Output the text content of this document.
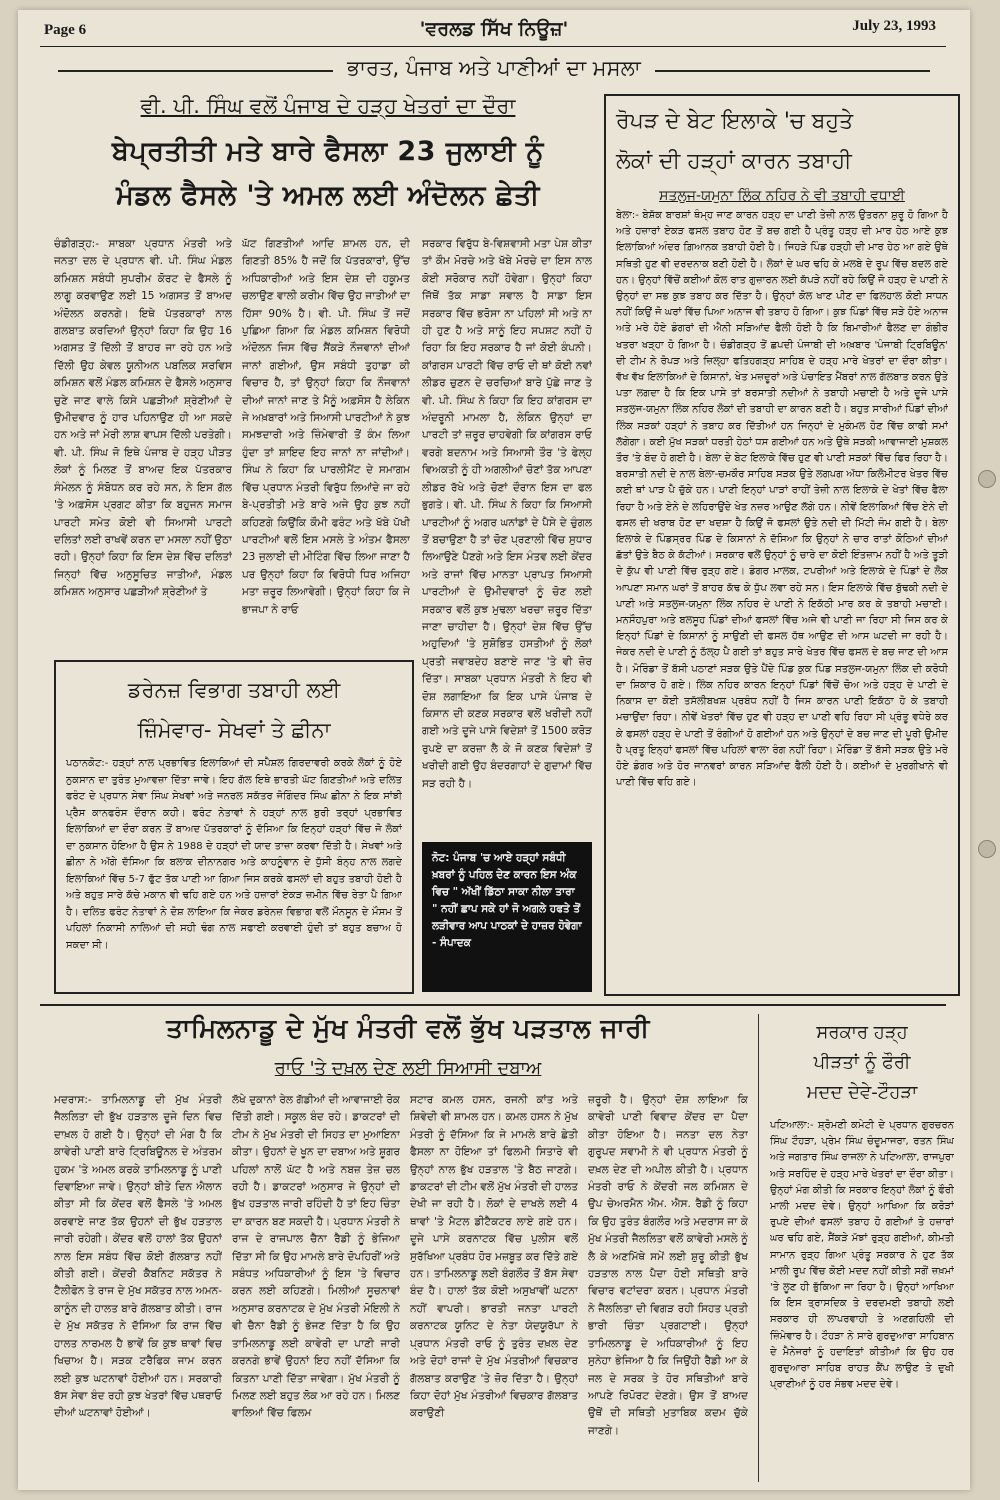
Page 6	'ਵਰਲਡ ਸਿੱਖ ਨਿਊਜ਼'	July 23, 1993
ਭਾਰਤ, ਪੰਜਾਬ ਅਤੇ ਪਾਣੀਆਂ ਦਾ ਮਸਲਾ
ਵੀ. ਪੀ. ਸਿੰਘ ਵਲੋਂ ਪੰਜਾਬ ਦੇ ਹੜ੍ਹ ਖੇਤਰਾਂ ਦਾ ਦੌਰਾ
ਬੇਪ੍ਰਤੀਤੀ ਮਤੇ ਬਾਰੇ ਫੈਸਲਾ 23 ਜੁਲਾਈ ਨੂੰ
ਮੰਡਲ ਫੈਸਲੇ 'ਤੇ ਅਮਲ ਲਈ ਅੰਦੋਲਨ ਛੇਤੀ
ਚੰਡੀਗੜ੍ਹ:- ਸਾਬਕਾ ਪ੍ਰਧਾਨ ਮੰਤਰੀ ਅਤੇ ਜਨਤਾ ਦਲ ਦੇ ਪ੍ਰਧਾਨ ਵੀ. ਪੀ. ਸਿੰਘ ਮੰਡਲ ਕਮਿਸ਼ਨ ਸਬੰਧੀ ਸੁਪਰੀਮ ਕੋਰਟ ਦੇ ਫੈਸਲੇ ਨੂੰ ਲਾਗੂ ਕਰਵਾਉਣ ਲਈ 15 ਅਗਸਤ ਤੋਂ ਬਾਅਦ ਅੰਦੋਲਨ ਕਰਨਗੇ। ਇਥੇ ਪੱਤਰਕਾਰਾਂ ਨਾਲ ਗਲਬਾਤ ਕਰਦਿਆਂ ਉਨ੍ਹਾਂ ਕਿਹਾ ਕਿ ਉਹ 16 ਅਗਸਤ ਤੋਂ ਦਿੱਲੀ ਤੋਂ ਬਾਹਰ ਜਾ ਰਹੇ ਹਨ ਅਤੇ ਦਿੱਲੀ ਉਹ ਕੇਵਲ ਯੂਨੀਅਨ ਪਬਲਿਕ ਸਰਵਿਸ ਕਮਿਸ਼ਨ ਵਲੋਂ ਮੰਡਲ ਕਮਿਸ਼ਨ ਦੇ ਫੈਸਲੇ ਅਨੁਸਾਰ ਚੁਣੇ ਜਾਣ ਵਾਲੇ ਕਿਸੇ ਪਛੜੀਆਂ ਸ਼੍ਰੇਣੀਆਂ ਦੇ ਉਮੀਦਵਾਰ ਨੂੰ ਹਾਰ ਪਹਿਨਾਉਣ ਹੀ ਆ ਸਕਦੇ ਹਨ ਅਤੇ ਜਾਂ ਮੇਰੀ ਲਾਸ਼ ਵਾਪਸ ਦਿੱਲੀ ਪਰਤੇਗੀ। ਵੀ. ਪੀ. ਸਿੰਘ ਜੋ ਇਥੇ ਪੰਜਾਬ ਦੇ ਹੜ੍ਹ ਪੀੜਤ ਲੋਕਾਂ ਨੂੰ ਮਿਲਣ ਤੋਂ ਬਾਅਦ ਇਕ ਪੱਤਰਕਾਰ ਸੰਮੇਲਨ ਨੂੰ ਸੰਬੋਧਨ ਕਰ ਰਹੇ ਸਨ, ਨੇ ਇਸ ਗੱਲ 'ਤੇ ਅਫ਼ਸੋਸ ਪ੍ਰਗਟ ਕੀਤਾ ਕਿ ਬਹੁਜਨ ਸਮਾਜ ਪਾਰਟੀ ਸਮੇਤ ਕੋਈ ਵੀ ਸਿਆਸੀ ਪਾਰਟੀ ਦਲਿਤਾਂ ਲਈ ਰਾਖਵੇਂ ਕਰਨ ਦਾ ਮਸਲਾ ਨਹੀਂ ਉਠਾ ਰਹੀ। ਉਨ੍ਹਾਂ ਕਿਹਾ ਕਿ ਇਸ ਦੇਸ਼ ਵਿੱਚ ਦਲਿਤਾਂ ਜਿਨ੍ਹਾਂ ਵਿੱਚ ਅਨੁਸੂਚਿਤ ਜਾਤੀਆਂ, ਮੰਡਲ ਕਮਿਸ਼ਨ ਅਨੁਸਾਰ ਪਛੜੀਆਂ ਸ਼੍ਰੇਣੀਆਂ ਤੇ
ਘੱਟ ਗਿਣਤੀਆਂ ਆਦਿ ਸ਼ਾਮਲ ਹਨ, ਦੀ ਗਿਣਤੀ 85% ਹੈ ਜਦੋਂ ਕਿ ਪੱਤਰਕਾਰਾਂ, ਉੱਚ ਅਧਿਕਾਰੀਆਂ ਅਤੇ ਇਸ ਦੇਸ਼ ਦੀ ਹਕੂਮਤ ਚਲਾਉਣ ਵਾਲੀ ਕਰੀਮ ਵਿੱਚ ਉਹ ਜਾਤੀਆਂ ਦਾ ਹਿੱਸਾ 90% ਹੈ। ਵੀ. ਪੀ. ਸਿੰਘ ਤੋਂ ਜਦੋਂ ਪੁਛਿਆ ਗਿਆ ਕਿ ਮੰਡਲ ਕਮਿਸ਼ਨ ਵਿਰੋਧੀ ਅੰਦੋਲਨ ਜਿਸ ਵਿੱਚ ਸੈਂਕੜੇ ਨੌਜਵਾਨਾਂ ਦੀਆਂ ਜਾਨਾਂ ਗਈਆਂ, ਉਸ ਸਬੰਧੀ ਤੁਹਾਡਾ ਕੀ ਵਿਚਾਰ ਹੈ, ਤਾਂ ਉਨ੍ਹਾਂ ਕਿਹਾ ਕਿ ਨੌਜਵਾਨਾਂ ਦੀਆਂ ਜਾਨਾਂ ਜਾਣ ਤੇ ਮੈਨੂੰ ਅਫ਼ਸੋਸ ਹੈ ਲੇਕਿਨ ਜੇ ਅਖ਼ਬਾਰਾਂ ਅਤੇ ਸਿਆਸੀ ਪਾਰਟੀਆਂ ਨੇ ਕੁਝ ਸਮਝਦਾਰੀ ਅਤੇ ਜ਼ਿੰਮੇਵਾਰੀ ਤੋਂ ਕੰਮ ਲਿਆ ਹੁੰਦਾ ਤਾਂ ਸ਼ਾਇਦ ਇਹ ਜਾਨਾਂ ਨਾ ਜਾਂਦੀਆਂ। ਸਿੰਘ ਨੇ ਕਿਹਾ ਕਿ ਪਾਰਲੀਮੈਂਟ ਦੇ ਸਮਾਗਮ ਵਿੱਚ ਪ੍ਰਧਾਨ ਮੰਤਰੀ ਵਿਰੁੱਧ ਲਿਆਂਦੇ ਜਾ ਰਹੇ ਬੇ-ਪ੍ਰਤੀਤੀ ਮਤੇ ਬਾਰੇ ਅਜੇ ਉਹ ਕੁਝ ਨਹੀਂ ਕਹਿਣਗੇ ਕਿਉਂਕਿ ਕੌਮੀ ਫਰੰਟ ਅਤੇ ਖੱਬੇ ਪੱਖੀ ਪਾਰਟੀਆਂ ਵਲੋਂ ਇਸ ਮਸਲੇ ਤੇ ਅੰਤਮ ਫੈਸਲਾ 23 ਜੁਲਾਈ ਦੀ ਮੀਟਿੰਗ ਵਿੱਚ ਲਿਆ ਜਾਣਾ ਹੈ ਪਰ ਉਨ੍ਹਾਂ ਕਿਹਾ ਕਿ ਵਿਰੋਧੀ ਧਿਰ ਅਜਿਹਾ ਮਤਾ ਜ਼ਰੂਰ ਲਿਆਵੇਗੀ। ਉਨ੍ਹਾਂ ਕਿਹਾ ਕਿ ਜੇ ਭਾਜਪਾ ਨੇ ਰਾਓ
ਸਰਕਾਰ ਵਿਰੁੱਧ ਬੇ-ਵਿਸ਼ਵਾਸੀ ਮਤਾ ਪੇਸ਼ ਕੀਤਾ ਤਾਂ ਕੌਮ ਮੋਰਚੇ ਅਤੇ ਖੱਬੇ ਮੋਰਚੇ ਦਾ ਇਸ ਨਾਲ ਕੋਈ ਸਰੋਕਾਰ ਨਹੀਂ ਹੋਵੇਗਾ। ਉਨ੍ਹਾਂ ਕਿਹਾ ਜਿੱਥੋਂ ਤੱਕ ਸਾਡਾ ਸਵਾਲ ਹੈ ਸਾਡਾ ਇਸ ਸਰਕਾਰ ਵਿੱਚ ਭਰੋਸਾ ਨਾ ਪਹਿਲਾਂ ਸੀ ਅਤੇ ਨਾ ਹੀ ਹੁਣ ਹੈ ਅਤੇ ਸਾਨੂੰ ਇਹ ਸਪਸ਼ਟ ਨਹੀਂ ਹੋ ਰਿਹਾ ਕਿ ਇਹ ਸਰਕਾਰ ਹੈ ਜਾਂ ਕੋਈ ਕੰਪਨੀ। ਕਾਂਗਰਸ ਪਾਰਟੀ ਵਿੱਚ ਰਾਓ ਦੀ ਥਾਂ ਕੋਈ ਨਵਾਂ ਲੀਡਰ ਚੁਣਨ ਦੇ ਚਰਚਿਆਂ ਬਾਰੇ ਪੁੱਛੇ ਜਾਣ ਤੇ ਵੀ. ਪੀ. ਸਿੰਘ ਨੇ ਕਿਹਾ ਕਿ ਇਹ ਕਾਂਗਰਸ ਦਾ ਅੰਦਰੂਨੀ ਮਾਮਲਾ ਹੈ, ਲੇਕਿਨ ਉਨ੍ਹਾਂ ਦਾ ਪਾਰਟੀ ਤਾਂ ਜ਼ਰੂਰ ਚਾਹਵੇਗੀ ਕਿ ਕਾਂਗਰਸ ਰਾਓ ਵਰਗੇ ਬਦਨਾਮ ਅਤੇ ਸਿਆਸੀ ਤੌਰ 'ਤੇ ਫੇਲ੍ਹ ਵਿਅਕਤੀ ਨੂੰ ਹੀ ਅਗਲੀਆਂ ਚੋਣਾਂ ਤੱਕ ਆਪਣਾ ਲੀਡਰ ਰੱਖੇ ਅਤੇ ਚੋਣਾਂ ਦੌਰਾਨ ਇਸ ਦਾ ਫਲ ਭੁਗਤੇ। ਵੀ. ਪੀ. ਸਿੰਘ ਨੇ ਕਿਹਾ ਕਿ ਸਿਆਸੀ ਪਾਰਟੀਆਂ ਨੂੰ ਅਗਰ ਘਨਾਂਡਾਂ ਦੇ ਪੈਸੇ ਦੇ ਚੁੰਗਲ ਤੋਂ ਬਚਾਉਣਾ ਹੈ ਤਾਂ ਚੋਣ ਪ੍ਰਣਾਲੀ ਵਿੱਚ ਸੁਧਾਰ ਲਿਆਉਣੇ ਪੈਣਗੇ ਅਤੇ ਇਸ ਮੰਤਵ ਲਈ ਕੇਂਦਰ ਅਤੇ ਰਾਜਾਂ ਵਿੱਚ ਮਾਨਤਾ ਪ੍ਰਾਪਤ ਸਿਆਸੀ ਪਾਰਟੀਆਂ ਦੇ ਉਮੀਦਵਾਰਾਂ ਨੂੰ ਚੋਣ ਲਈ ਸਰਕਾਰ ਵਲੋਂ ਕੁਝ ਮੁਢਲਾ ਖਰਚਾ ਜ਼ਰੂਰ ਦਿੱਤਾ ਜਾਣਾ ਚਾਹੀਦਾ ਹੈ। ਉਨ੍ਹਾਂ ਦੇਸ਼ ਵਿੱਚ ਉੱਚ ਅਹੁਦਿਆਂ 'ਤੇ ਸੁਸ਼ੋਭਿਤ ਹਸਤੀਆਂ ਨੂੰ ਲੋਕਾਂ ਪ੍ਰਤੀ ਜਵਾਬਦੇਹ ਬਣਾਏ ਜਾਣ 'ਤੇ ਵੀ ਜ਼ੋਰ ਦਿੱਤਾ। ਸਾਬਕਾ ਪ੍ਰਧਾਨ ਮੰਤਰੀ ਨੇ ਇਹ ਵੀ ਦੋਸ਼ ਲਗਾਇਆ ਕਿ ਇਕ ਪਾਸੇ ਪੰਜਾਬ ਦੇ ਕਿਸਾਨ ਦੀ ਕਣਕ ਸਰਕਾਰ ਵਲੋਂ ਖਰੀਦੀ ਨਹੀਂ ਗਈ ਅਤੇ ਦੂਜੇ ਪਾਸੇ ਵਿਦੇਸ਼ਾਂ ਤੋਂ 1500 ਕਰੋੜ ਰੁਪਏ ਦਾ ਕਰਜ਼ਾ ਲੈ ਕੇ ਜੋ ਕਣਕ ਵਿਦੇਸ਼ਾਂ ਤੋਂ ਖਰੀਦੀ ਗਈ ਉਹ ਬੰਦਰਗਾਹਾਂ ਦੇ ਗੁਦਾਮਾਂ ਵਿੱਚ ਸੜ ਰਹੀ ਹੈ।
ਡਰੇਨਜ਼ ਵਿਭਾਗ ਤਬਾਹੀ ਲਈ
ਜ਼ਿੰਮੇਵਾਰ- ਸੇਖਵਾਂ ਤੇ ਛੀਨਾ
ਪਠਾਨਕੋਟ:- ਹੜ੍ਹਾਂ ਨਾਲ ਪ੍ਰਭਾਵਿਤ ਇਲਾਕਿਆਂ ਦੀ ਸਪੈਸ਼ਲ ਗਿਰਦਾਵਰੀ ਕਰਕੇ ਲੋਕਾਂ ਨੂੰ ਹੋਏ ਨੁਕਸਾਨ ਦਾ ਤੁਰੰਤ ਮੁਆਵਜ਼ਾ ਦਿੱਤਾ ਜਾਵੇ। ਇਹ ਗੱਲ ਇਥੇ ਭਾਰਤੀ ਘੱਟ ਗਿਣਤੀਆਂ ਅਤੇ ਦਲਿਤ ਫਰੰਟ ਦੇ ਪ੍ਰਧਾਨ ਸੇਵਾ ਸਿੰਘ ਸੇਖਵਾਂ ਅਤੇ ਜਨਰਲ ਸਕੱਤਰ ਜੋਗਿੰਦਰ ਸਿੰਘ ਛੀਨਾ ਨੇ ਇਕ ਸਾਂਝੀ ਪ੍ਰੈਸ ਕਾਨਫਰੰਸ ਦੌਰਾਨ ਕਹੀ। ਫਰੰਟ ਨੇਤਾਵਾਂ ਨੇ ਹੜ੍ਹਾਂ ਨਾਲ ਬੁਰੀ ਤਰ੍ਹਾਂ ਪ੍ਰਭਾਵਿਤ ਇਲਾਕਿਆਂ ਦਾ ਦੌਰਾ ਕਰਨ ਤੋਂ ਬਾਅਦ ਪੱਤਰਕਾਰਾਂ ਨੂੰ ਦੱਸਿਆ ਕਿ ਇਨ੍ਹਾਂ ਹੜ੍ਹਾਂ ਵਿੱਚ ਜੋ ਲੋਕਾਂ ਦਾ ਨੁਕਸਾਨ ਹੋਇਆ ਹੈ ਉਸ ਨੇ 1988 ਦੇ ਹੜ੍ਹਾਂ ਦੀ ਯਾਦ ਤਾਜ਼ਾ ਕਰਵਾ ਦਿੱਤੀ ਹੈ। ਸੇਖਵਾਂ ਅਤੇ ਛੀਨਾ ਨੇ ਅੱਗੇ ਦੱਸਿਆ ਕਿ ਬਲਾਕ ਦੀਨਾਨਗਰ ਅਤੇ ਕਾਹਨੂੰਵਾਨ ਦੇ ਧੁੱਸੀ ਬੰਨ੍ਹ ਨਾਲ ਲਗਦੇ ਇਲਾਕਿਆਂ ਵਿੱਚ 5-7 ਫੁੱਟ ਤੱਕ ਪਾਣੀ ਆ ਗਿਆ ਜਿਸ ਕਰਕੇ ਫਸਲਾਂ ਦੀ ਬਹੁਤ ਤਬਾਹੀ ਹੋਈ ਹੈ ਅਤੇ ਬਹੁਤ ਸਾਰੇ ਕੱਚੇ ਮਕਾਨ ਵੀ ਢਹਿ ਗਏ ਹਨ ਅਤੇ ਹਜ਼ਾਰਾਂ ਏਕੜ ਜ਼ਮੀਨ ਵਿੱਚ ਰੇਤਾ ਪੈ ਗਿਆ ਹੈ। ਦਲਿਤ ਫਰੰਟ ਨੇਤਾਵਾਂ ਨੇ ਦੋਸ਼ ਲਾਇਆ ਕਿ ਜੇਕਰ ਡਰੇਨਜ਼ ਵਿਭਾਗ ਵਲੋਂ ਮੌਨਸੂਨ ਦੇ ਮੌਸਮ ਤੋਂ ਪਹਿਲਾਂ ਨਿਕਾਸੀ ਨਾਲਿਆਂ ਦੀ ਸਹੀ ਢੰਗ ਨਾਲ ਸਫਾਈ ਕਰਵਾਈ ਹੁੰਦੀ ਤਾਂ ਬਹੁਤ ਬਚਾਅ ਹੋ ਸਕਦਾ ਸੀ।
ਨੋਟ: ਪੰਜਾਬ 'ਚ ਆਏ ਹੜ੍ਹਾਂ ਸਬੰਧੀ ਖ਼ਬਰਾਂ ਨੂੰ ਪਹਿਲ ਦੇਣ ਕਾਰਨ ਇਸ ਅੰਕ ਵਿਚ " ਅੱਖੀਂ ਡਿੱਠਾ ਸਾਕਾ ਨੀਲਾ ਤਾਰਾ " ਨਹੀਂ ਛਾਪ ਸਕੇ ਹਾਂ ਜੋ ਅਗਲੇ ਹਫਤੇ ਤੋਂ ਲੜੀਵਾਰ ਆਪ ਪਾਠਕਾਂ ਦੇ ਹਾਜ਼ਰ ਹੋਵੇਗਾ - ਸੰਪਾਦਕ
ਰੋਪੜ ਦੇ ਬੇਟ ਇਲਾਕੇ 'ਚ ਬਹੁਤੇ
ਲੋਕਾਂ ਦੀ ਹੜ੍ਹਾਂ ਕਾਰਨ ਤਬਾਹੀ
ਸਤਲੁਜ-ਯਮੁਨਾ ਲਿੰਕ ਨਹਿਰ ਨੇ ਵੀ ਤਬਾਹੀ ਵਧਾਈ
ਬੇਲਾ:- ਬੇਸ਼ੱਕ ਬਾਰਸ਼ਾਂ ਥੰਮ੍ਹ ਜਾਣ ਕਾਰਨ ਹੜ੍ਹ ਦਾ ਪਾਣੀ ਤੇਜ਼ੀ ਨਾਲ ਉਤਰਨਾ ਸ਼ੁਰੂ ਹੋ ਗਿਆ ਹੈ ਅਤੇ ਹਜ਼ਾਰਾਂ ਏਕੜ ਫਸਲ ਤਬਾਹ ਹੋਣ ਤੋਂ ਬਚ ਗਈ ਹੈ ਪ੍ਰੰਤੂ ਹੜ੍ਹ ਦੀ ਮਾਰ ਹੇਠ ਆਏ ਕੁਝ ਇਲਾਕਿਆਂ ਅੰਦਰ ਗ਼ਿਆਨਕ ਤਬਾਹੀ ਹੋਈ ਹੈ। ਜਿਹੜੇ ਪਿੰਡ ਹੜ੍ਹੀ ਦੀ ਮਾਰ ਹੇਠ ਆ ਗਏ ਉਥੇ ਸਥਿਤੀ ਹੁਣ ਵੀ ਦਰਦਨਾਕ ਬਣੀ ਹੋਈ ਹੈ। ਲੋਕਾਂ ਦੇ ਘਰ ਢਹਿ ਕੇ ਮਲਬੇ ਦੇ ਰੂਪ ਵਿੱਚ ਬਦਲ ਗਏ ਹਨ। ਉਨ੍ਹਾਂ ਵਿੱਚੋਂ ਕਈਆਂ ਕੋਲ ਰਾਤ ਗੁਜ਼ਾਰਨ ਲਈ ਕੱਪੜੇ ਨਹੀਂ ਰਹੇ ਕਿਉਂ ਜੋ ਹੜ੍ਹ ਦੇ ਪਾਣੀ ਨੇ ਉਨ੍ਹਾਂ ਦਾ ਸਭ ਕੁਝ ਤਬਾਹ ਕਰ ਦਿੱਤਾ ਹੈ। ਉਨ੍ਹਾਂ ਕੋਲ ਖਾਣ ਪੀਣ ਦਾ ਫਿਲਹਾਲ ਕੋਈ ਸਾਧਨ ਨਹੀਂ ਕਿਉਂ ਜੋ ਘਰਾਂ ਵਿੱਚ ਪਿਆ ਅਨਾਜ ਵੀ ਤਬਾਹ ਹੋ ਗਿਆ। ਕੁਝ ਪਿੰਡਾਂ ਵਿੱਚ ਸੜੇ ਹੋਏ ਅਨਾਜ ਅਤੇ ਮਰੇ ਹੋਏ ਡੰਗਰਾਂ ਦੀ ਐਨੀ ਸੜਿਆਂਦ ਫੈਲੀ ਹੋਈ ਹੈ ਕਿ ਬਿਮਾਰੀਆਂ ਫੈਲਣ ਦਾ ਗੰਭੀਰ ਖਤਰਾ ਖੜ੍ਹਾ ਹੋ ਗਿਆ ਹੈ। ਚੰਡੀਗੜ੍ਹ ਤੋਂ ਛਪਦੀ ਪੰਜਾਬੀ ਦੀ ਅਖ਼ਬਾਰ 'ਪੰਜਾਬੀ ਟ੍ਰਿਬਿਊਨ' ਦੀ ਟੀਮ ਨੇ ਰੋਪੜ ਅਤੇ ਜ਼ਿਲ੍ਹਾ ਫਤਿਹਗੜ੍ਹ ਸਾਹਿਬ ਦੇ ਹੜ੍ਹ ਮਾਰੇ ਖੇਤਰਾਂ ਦਾ ਦੌਰਾ ਕੀਤਾ। ਵੱਖ ਵੱਖ ਇਲਾਕਿਆਂ ਦੇ ਕਿਸਾਨਾਂ, ਖੇਤ ਮਜ਼ਦੂਰਾਂ ਅਤੇ ਪੰਚਾਇਤ ਮੈਂਬਰਾਂ ਨਾਲ ਗੱਲਬਾਤ ਕਰਨ ਉਤੇ ਪਤਾ ਲਗਦਾ ਹੈ ਕਿ ਇਕ ਪਾਸੇ ਤਾਂ ਬਰਸਾਤੀ ਨਦੀਆਂ ਨੇ ਤਬਾਹੀ ਮਚਾਈ ਹੈ ਅਤੇ ਦੂਜੇ ਪਾਸੇ ਸਤਲੁਜ-ਯਮੁਨਾ ਲਿੰਕ ਨਹਿਰ ਲੋਕਾਂ ਦੀ ਤਬਾਹੀ ਦਾ ਕਾਰਨ ਬਣੀ ਹੈ। ਬਹੁਤ ਸਾਰੀਆਂ ਪਿੰਡਾਂ ਦੀਆਂ ਲਿੰਕ ਸੜਕਾਂ ਹੜ੍ਹਾਂ ਨੇ ਤਬਾਹ ਕਰ ਦਿੱਤੀਆਂ ਹਨ ਜਿਨ੍ਹਾਂ ਦੇ ਮੁਕੰਮਲ ਹੋਣ ਵਿੱਚ ਕਾਫੀ ਸਮਾਂ ਲੱਗੇਗਾ। ਕਈ ਮੁੱਖ ਸੜਕਾਂ ਧਰਤੀ ਹੇਠਾਂ ਧਸ ਗਈਆਂ ਹਨ ਅਤੇ ਉਥੇ ਸੜਕੀ ਆਵਾਜਾਈ ਮੁਸ਼ਕਲ ਤੌਰ 'ਤੇ ਬੰਦ ਹੋ ਗਈ ਹੈ। ਬੇਲਾ ਦੇ ਬੇਟ ਇਲਾਕੇ ਵਿੱਚ ਹੁਣ ਵੀ ਪਾਣੀ ਸੜਕਾਂ ਵਿੱਚ ਫਿਰ ਰਿਹਾ ਹੈ। ਬਰਸਾਤੀ ਨਦੀ ਦੇ ਨਾਲ ਬੇਲਾ-ਚਮਕੌਰ ਸਾਹਿਬ ਸੜਕ ਉਤੇ ਲਗਪਗ ਅੱਧਾ ਕਿਲੋਮੀਟਰ ਖੇਤਰ ਵਿੱਚ ਕਈ ਥਾਂ ਪਾੜ ਪੈ ਚੁੱਕੇ ਹਨ। ਪਾਣੀ ਇਨ੍ਹਾਂ ਪਾੜਾਂ ਰਾਹੀਂ ਤੇਜ਼ੀ ਨਾਲ ਇਲਾਕੇ ਦੇ ਖੇਤਾਂ ਵਿੱਚ ਫੈਲਾ ਰਿਹਾ ਹੈ ਅਤੇ ਏਨੇ ਦੇ ਲਹਿਰਾਉਂਦੇ ਖੇਤ ਨਜ਼ਰ ਆਉਣ ਲੱਗੇ ਹਨ। ਨੀਵੇਂ ਇਲਾਕਿਆਂ ਵਿੱਚ ਏਨੇ ਦੀ ਫਸਲ ਦੀ ਖਰਾਬ ਹੋਣ ਦਾ ਖਦਸ਼ਾ ਹੈ ਕਿਉਂ ਜੋ ਫਸਲਾਂ ਉਤੇ ਨਦੀ ਦੀ ਮਿੱਟੀ ਜੰਮ ਗਈ ਹੈ। ਬੇਲਾ ਇਲਾਕੇ ਦੇ ਪਿੰਡਸ੍ਰਰ ਪਿੰਡ ਦੇ ਕਿਸਾਨਾਂ ਨੇ ਦੱਸਿਆ ਕਿ ਉਨ੍ਹਾਂ ਨੇ ਚਾਰ ਰਾਤਾਂ ਕੋਠਿਆਂ ਦੀਆਂ ਛੱਤਾਂ ਉਤੇ ਬੈਠ ਕੇ ਕੱਟੀਆਂ। ਸਰਕਾਰ ਵਲੋਂ ਉਨ੍ਹਾਂ ਨੂੰ ਚਾਰੇ ਦਾ ਕੋਈ ਇੰਤਜ਼ਾਮ ਨਹੀਂ ਹੈ ਅਤੇ ਤੂੜੀ ਦੇ ਕੁੱਪ ਵੀ ਪਾਣੀ ਵਿੱਚ ਰੁੜ੍ਹ ਗਏ। ਡੰਗਰ ਮਾਲਕ, ਟਪਰੀਆਂ ਅਤੇ ਇਲਾਕੇ ਦੇ ਪਿੰਡਾਂ ਦੇ ਲੋਕ ਆਪਣਾ ਸਮਾਨ ਘਰਾਂ ਤੋਂ ਬਾਹਰ ਕੱਢ ਕੇ ਧੁੱਪ ਲਵਾ ਰਹੇ ਸਨ। ਇਸ ਇਲਾਕੇ ਵਿੱਚ ਬੁੱਢਕੀ ਨਦੀ ਦੇ ਪਾਣੀ ਅਤੇ ਸਤਲੁਜ-ਯਮੁਨਾ ਲਿੰਕ ਨਹਿਰ ਦੇ ਪਾਣੀ ਨੇ ਇਕੱਠੀ ਮਾਰ ਕਰ ਕੇ ਤਬਾਹੀ ਮਚਾਈ। ਮਨਸੌਹਪੁਰਾ ਅਤੇ ਬਲਸੂਹ ਪਿੰਡਾਂ ਦੀਆਂ ਫਸਲਾਂ ਵਿੱਚ ਅਜੇ ਵੀ ਪਾਣੀ ਜਾ ਰਿਹਾ ਸੀ ਜਿਸ ਕਰ ਕੇ ਇਨ੍ਹਾਂ ਪਿੰਡਾਂ ਦੇ ਕਿਸਾਨਾਂ ਨੂੰ ਸਾਉਣੀ ਦੀ ਫਸਲ ਹੱਥ ਆਉਣ ਦੀ ਆਸ ਘਟਦੀ ਜਾ ਰਹੀ ਹੈ। ਜੇਕਰ ਨਦੀ ਦੇ ਪਾਣੀ ਨੂੰ ਠੱਲ੍ਹ ਪੈ ਗਈ ਤਾਂ ਬਹੁਤ ਸਾਰੇ ਖੇਤਰ ਵਿੱਚ ਫਸਲ ਦੇ ਬਚ ਜਾਣ ਦੀ ਆਸ ਹੈ। ਮੋਰਿੰਡਾ ਤੋਂ ਬੱਸੀ ਪਠਾਣਾਂ ਸੜਕ ਉਤੇ ਪੈਂਦੇ ਪਿੰਡ ਕੁਕ ਪਿੰਡ ਸਤਲੁਜ-ਯਮੁਨਾ ਲਿੰਕ ਦੀ ਕਰੋਧੀ ਦਾ ਸ਼ਿਕਾਰ ਹੋ ਗਏ। ਲਿੰਕ ਨਹਿਰ ਕਾਰਨ ਇਨ੍ਹਾਂ ਪਿੰਡਾਂ ਵਿੱਚੋਂ ਚੋਅ ਅਤੇ ਹੜ੍ਹ ਦੇ ਪਾਣੀ ਦੇ ਨਿਕਾਸ ਦਾ ਕੋਈ ਤਸੱਲੀਬਖਸ਼ ਪ੍ਰਬੰਧ ਨਹੀਂ ਹੈ ਜਿਸ ਕਾਰਨ ਪਾਣੀ ਇਕੱਠਾ ਹੋ ਕੇ ਤਬਾਹੀ ਮਚਾਉਂਦਾ ਰਿਹਾ। ਨੀਵੇਂ ਖੇਤਰਾਂ ਵਿੱਚ ਹੁਣ ਵੀ ਹੜ੍ਹ ਦਾ ਪਾਣੀ ਵਹਿ ਰਿਹਾ ਸੀ ਪ੍ਰੰਤੂ ਵਧੇਰੇ ਕਰ ਕੇ ਫਸਲਾਂ ਹੜ੍ਹ ਦੇ ਪਾਣੀ ਤੋਂ ਰੰਗੀਆਂ ਹੋ ਗਈਆਂ ਹਨ ਅਤੇ ਉਨ੍ਹਾਂ ਦੇ ਬਚ ਜਾਣ ਦੀ ਪੂਰੀ ਉਮੀਦ ਹੈ ਪ੍ਰਤੂ ਇਨ੍ਹਾਂ ਫਸਲਾਂ ਵਿੱਚ ਪਹਿਲਾਂ ਵਾਲਾ ਰੰਗ ਨਹੀਂ ਰਿਹਾ। ਮੋਰਿੰਡਾ ਤੋਂ ਬੱਸੀ ਸੜਕ ਉਤੇ ਮਰੇ ਹੋਏ ਡੰਗਰ ਅਤੇ ਹੋਰ ਜਾਨਵਰਾਂ ਕਾਰਨ ਸੜਿਆਂਦ ਫੈਲੀ ਹੋਈ ਹੈ। ਕਈਆਂ ਦੇ ਮੁਰਗੀਖਾਨੇ ਵੀ ਪਾਣੀ ਵਿੱਚ ਵਹਿ ਗਏ।
ਤਾਮਿਲਨਾਡੂ ਦੇ ਮੁੱਖ ਮੰਤਰੀ ਵਲੋਂ ਭੁੱਖ ਪੜਤਾਲ ਜਾਰੀ
ਰਾਓ 'ਤੇ ਦਖ਼ਲ ਦੇਣ ਲਈ ਸਿਆਸੀ ਦਬਾਅ
ਮਦਰਾਸ:- ਤਾਮਿਲਨਾਡੂ ਦੀ ਮੁੱਖ ਮੰਤਰੀ ਜੈਲਲਿਤਾ ਦੀ ਭੁੱਖ ਹੜਤਾਲ ਦੂਜੇ ਦਿਨ ਵਿਚ ਦਾਖ਼ਲ ਹੋ ਗਈ ਹੈ। ਉਨ੍ਹਾਂ ਦੀ ਮੰਗ ਹੈ ਕਿ ਕਾਵੇਰੀ ਪਾਣੀ ਬਾਰੇ ਟ੍ਰਿਬਿਊਨਲ ਦੇ ਅੰਤਰਮ ਹੁਕਮ 'ਤੇ ਅਮਲ ਕਰਕੇ ਤਾਮਿਲਨਾਡੂ ਨੂੰ ਪਾਣੀ ਦਿਵਾਇਆ ਜਾਵੇ। ਉਨ੍ਹਾਂ ਬੀਤੇ ਦਿਨ ਐਲਾਨ ਕੀਤਾ ਸੀ ਕਿ ਕੇਂਦਰ ਵਲੋਂ ਫੈਸਲੇ 'ਤੇ ਅਮਲ ਕਰਵਾਏ ਜਾਣ ਤੱਕ ਉਹਨਾਂ ਦੀ ਭੁੱਖ ਹੜਤਾਲ ਜਾਰੀ ਰਹੇਗੀ। ਕੇਂਦਰ ਵਲੋਂ ਹਾਲਾਂ ਤੱਕ ਉਹਨਾਂ ਨਾਲ ਇਸ ਸਬੰਧ ਵਿੱਚ ਕੋਈ ਗੱਲਬਾਤ ਨਹੀਂ ਕੀਤੀ ਗਈ। ਕੇਂਦਰੀ ਕੈਬਨਿਟ ਸਕੱਤਰ ਨੇ ਟੈਲੀਫੋਨ ਤੇ ਰਾਜ ਦੇ ਮੁੱਖ ਸਕੱਤਰ ਨਾਲ ਅਮਨ-ਕਾਨੂੰਨ ਦੀ ਹਾਲਤ ਬਾਰੇ ਗੱਲਬਾਤ ਕੀਤੀ। ਰਾਜ ਦੇ ਮੁੱਖ ਸਕੱਤਰ ਨੇ ਦੱਸਿਆ ਕਿ ਰਾਜ ਵਿੱਚ ਹਾਲਤ ਨਾਰਮਲ ਹੈ ਭਾਵੇਂ ਕਿ ਕੁਝ ਥਾਵਾਂ ਵਿਚ ਖਿਚਾਅ ਹੈ। ਸੜਕ ਟਰੈਫਿਕ ਜਾਮ ਕਰਨ ਲਈ ਕੁਝ ਘਟਨਾਵਾਂ ਹੋਈਆਂ ਹਨ। ਸਰਕਾਰੀ ਬੱਸ ਸੇਵਾ ਬੰਦ ਰਹੀ ਕੁਝ ਖੇਤਰਾਂ ਵਿੱਚ ਪਥਰਾਓ ਦੀਆਂ ਘਟਨਾਵਾਂ ਹੋਈਆਂ।
ਲੱਖੇ ਦੁਕਾਨਾਂ ਰੇਲ ਗੱਡੀਆਂ ਦੀ ਆਵਾਜਾਈ ਰੋਕ ਦਿੱਤੀ ਗਈ। ਸਕੂਲ ਬੰਦ ਰਹੇ। ਡਾਕਟਰਾਂ ਦੀ ਟੀਮ ਨੇ ਮੁੱਖ ਮੰਤਰੀ ਦੀ ਸਿਹਤ ਦਾ ਮੁਆਇਨਾ ਕੀਤਾ। ਉਹਨਾਂ ਦੇ ਖੂਨ ਦਾ ਦਬਾਅ ਅਤੇ ਸ਼ੂਗਰ ਪਹਿਲਾਂ ਨਾਲੋਂ ਘੱਟ ਹੈ ਅਤੇ ਨਬਜ਼ ਤੇਜ਼ ਚਲ ਰਹੀ ਹੈ। ਡਾਕਟਰਾਂ ਅਨੁਸਾਰ ਜੇ ਉਨ੍ਹਾਂ ਦੀ ਭੁੱਖ ਹੜਤਾਲ ਜਾਰੀ ਰਹਿੰਦੀ ਹੈ ਤਾਂ ਇਹ ਚਿੰਤਾ ਦਾ ਕਾਰਨ ਬਣ ਸਕਦੀ ਹੈ। ਪ੍ਰਧਾਨ ਮੰਤਰੀ ਨੇ ਰਾਜ ਦੇ ਰਾਜਪਾਲ ਚੈਨਾ ਰੈਡੀ ਨੂੰ ਭੇਜਿਆ ਦਿੱਤਾ ਸੀ ਕਿ ਉਹ ਮਾਮਲੇ ਬਾਰੇ ਦੋਪਹਿਰੀਂ ਅਤੇ ਸਬੰਧਤ ਅਧਿਕਾਰੀਆਂ ਨੂੰ ਇਸ 'ਤੇ ਵਿਚਾਰ ਕਰਨ ਲਈ ਕਹਿਣਗੇ। ਮਿਲੀਆਂ ਸੂਚਨਾਵਾਂ ਅਨੁਸਾਰ ਕਰਨਾਟਕ ਦੇ ਮੁੱਖ ਮੰਤਰੀ ਮੋਇਲੀ ਨੇ ਵੀ ਚੈਨਾ ਰੈਡੀ ਨੂੰ ਭੇਜਣ ਦਿੱਤਾ ਹੈ ਕਿ ਉਹ ਤਾਮਿਲਨਾਡੂ ਲਈ ਕਾਵੇਰੀ ਦਾ ਪਾਣੀ ਜਾਰੀ ਕਰਨਗੇ ਭਾਵੇਂ ਉਹਨਾਂ ਇਹ ਨਹੀਂ ਦੱਸਿਆ ਕਿ ਕਿਤਨਾ ਪਾਣੀ ਦਿੱਤਾ ਜਾਵੇਗਾ। ਮੁੱਖ ਮੰਤਰੀ ਨੂੰ ਮਿਲਣ ਲਈ ਬਹੁਤ ਲੋਕ ਆ ਰਹੇ ਹਨ। ਮਿਲਣ ਵਾਲਿਆਂ ਵਿੱਚ ਫਿਲਮ
ਸਟਾਰ ਕਮਲ ਹਸਨ, ਰਜਨੀ ਕਾਂਤ ਅਤੇ ਸ਼ਿਵੇਦੀ ਵੀ ਸ਼ਾਮਲ ਹਨ। ਕਮਲ ਹਸਨ ਨੇ ਮੁੱਖ ਮੰਤਰੀ ਨੂੰ ਦੱਸਿਆ ਕਿ ਜੇ ਮਾਮਲੇ ਬਾਰੇ ਛੇਤੀ ਫੈਸਲਾ ਨਾ ਹੋਇਆ ਤਾਂ ਫਿਲਮੀ ਸਿਤਾਰੇ ਵੀ ਉਨ੍ਹਾਂ ਨਾਲ ਭੁੱਖ ਹੜਤਾਲ 'ਤੇ ਬੈਠ ਜਾਣਗੇ। ਡਾਕਟਰਾਂ ਦੀ ਟੀਮ ਵਲੋਂ ਮੁੱਖ ਮੰਤਰੀ ਦੀ ਹਾਲਤ ਦੇਖੀ ਜਾ ਰਹੀ ਹੈ। ਲੋਕਾਂ ਦੇ ਦਾਖਲੇ ਲਈ 4 ਥਾਵਾਂ 'ਤੇ ਮੈਟਲ ਡੀਟੈਕਟਰ ਲਾਏ ਗਏ ਹਨ। ਦੂਜੇ ਪਾਸੇ ਕਰਨਾਟਕ ਵਿੱਚ ਪੁਲੀਸ ਵਲੋਂ ਸੁਰੱਖਿਆ ਪ੍ਰਬੰਧ ਹੋਰ ਮਜ਼ਬੂਤ ਕਰ ਦਿੱਤੇ ਗਏ ਹਨ। ਤਾਮਿਲਨਾਡੂ ਲਈ ਬੰਗਲੌਰ ਤੋਂ ਬੱਸ ਸੇਵਾ ਬੰਦ ਹੈ। ਹਾਲਾਂ ਤੱਕ ਕੋਈ ਅਸੁਖਾਵੀਂ ਘਟਨਾ ਨਹੀਂ ਵਾਪਰੀ। ਭਾਰਤੀ ਜਨਤਾ ਪਾਰਟੀ ਕਰਨਾਟਕ ਯੂਨਿਟ ਦੇ ਨੇਤਾ ਯੇਦਯੂਰੱਪਾ ਨੇ ਪ੍ਰਧਾਨ ਮੰਤਰੀ ਰਾਓ ਨੂੰ ਤੁਰੰਤ ਦਖ਼ਲ ਦੇਣ ਅਤੇ ਦੋਹਾਂ ਰਾਜਾਂ ਦੇ ਮੁੱਖ ਮੰਤਰੀਆਂ ਵਿਚਕਾਰ ਗੱਲਬਾਤ ਕਰਾਉਣ 'ਤੇ ਜ਼ੋਰ ਦਿੱਤਾ ਹੈ। ਉਨ੍ਹਾਂ ਕਿਹਾ ਦੋਹਾਂ ਮੁੱਖ ਮੰਤਰੀਆਂ ਵਿਚਕਾਰ ਗੱਲਬਾਤ ਕਰਾਉਣੀ
ਜ਼ਰੂਰੀ ਹੈ। ਉਨ੍ਹਾਂ ਦੋਸ਼ ਲਾਇਆ ਕਿ ਕਾਵੇਰੀ ਪਾਣੀ ਵਿਵਾਦ ਕੇਂਦਰ ਦਾ ਪੈਦਾ ਕੀਤਾ ਹੋਇਆ ਹੈ। ਜਨਤਾ ਦਲ ਨੇਤਾ ਗੁਰੂਪਦ ਸਵਾਮੀ ਨੇ ਵੀ ਪ੍ਰਧਾਨ ਮੰਤਰੀ ਨੂੰ ਦਖ਼ਲ ਦੇਣ ਦੀ ਅਪੀਲ ਕੀਤੀ ਹੈ। ਪ੍ਰਧਾਨ ਮੰਤਰੀ ਰਾਓ ਨੇ ਕੇਂਦਰੀ ਜਲ ਕਮਿਸ਼ਨ ਦੇ ਉਪ ਚੇਅਰਮੈਨ ਐਮ. ਐਸ. ਰੈਡੀ ਨੂੰ ਕਿਹਾ ਕਿ ਉਹ ਤੁਰੰਤ ਬੰਗਲੌਰ ਅਤੇ ਮਦਰਾਸ ਜਾ ਕੇ ਮੁੱਖ ਮੰਤਰੀ ਜੈਲਲਿਤਾ ਵਲੋਂ ਕਾਵੇਰੀ ਮਸਲੇ ਨੂੰ ਲੈ ਕੇ ਅਣਮਿੱਥੇ ਸਮੇਂ ਲਈ ਸ਼ੁਰੂ ਕੀਤੀ ਭੁੱਖ ਹੜਤਾਲ ਨਾਲ ਪੈਦਾ ਹੋਈ ਸਥਿਤੀ ਬਾਰੇ ਵਿਚਾਰ ਵਟਾਂਦਰਾ ਕਰਨ। ਪ੍ਰਧਾਨ ਮੰਤਰੀ ਨੇ ਜੈਲਲਿਤਾ ਦੀ ਵਿਗੜ ਰਹੀ ਸਿਹਤ ਪ੍ਰਤੀ ਭਾਰੀ ਚਿੰਤਾ ਪ੍ਰਗਟਾਈ। ਉਨ੍ਹਾਂ ਤਾਮਿਲਨਾਡੂ ਦੇ ਅਧਿਕਾਰੀਆਂ ਨੂੰ ਇਹ ਸੁਨੇਹਾ ਭੇਜਿਆ ਹੈ ਕਿ ਜਿਉਂਹੀ ਰੈਡੀ ਆ ਕੇ ਜਲ ਦੇ ਸਰਕ ਤੇ ਹੋਰ ਸਥਿਤੀਆਂ ਬਾਰੇ ਆਪਣੇ ਰਿਪੋਰਟ ਦੇਣਗੇ। ਉਸ ਤੋਂ ਬਾਅਦ ਉਥੋਂ ਦੀ ਸਥਿਤੀ ਮੁਤਾਬਿਕ ਕਦਮ ਚੁੱਕੇ ਜਾਣਗੇ।
ਸਰਕਾਰ ਹੜ੍ਹ
ਪੀੜਤਾਂ ਨੂੰ ਫੌਰੀ
ਮਦਦ ਦੇਵੇ-ਟੌਹੜਾ
ਪਟਿਆਲਾ:- ਸ਼੍ਰੋਮਣੀ ਕਮੇਟੀ ਦੇ ਪ੍ਰਧਾਨ ਗੁਰਚਰਨ ਸਿੰਘ ਟੌਹੜਾ, ਪ੍ਰੇਮ ਸਿੰਘ ਚੰਦੂਮਾਜਰਾ, ਰਤਨ ਸਿੰਘ ਅਤੇ ਜਗਤਾਰ ਸਿੰਘ ਰਾਜਲਾ ਨੇ ਪਟਿਆਲਾ, ਰਾਜਪੁਰਾ ਅਤੇ ਸਰਹਿੰਦ ਦੇ ਹੜ੍ਹ ਮਾਰੇ ਖੇਤਰਾਂ ਦਾ ਦੌਰਾ ਕੀਤਾ। ਉਨ੍ਹਾਂ ਮੰਗ ਕੀਤੀ ਕਿ ਸਰਕਾਰ ਇਨ੍ਹਾਂ ਲੋਕਾਂ ਨੂੰ ਫੌਰੀ ਮਾਲੀ ਮਦਦ ਦੇਵੇ। ਉਨ੍ਹਾਂ ਆਖਿਆ ਕਿ ਕਰੋੜਾਂ ਰੁਪਏ ਦੀਆਂ ਫਸਲਾਂ ਤਬਾਹ ਹੋ ਗਈਆਂ ਤੇ ਹਜ਼ਾਰਾਂ ਘਰ ਢਹਿ ਗਏ, ਸੈਂਕੜੇ ਮੱਝਾਂ ਰੁੜ੍ਹ ਗਈਆਂ, ਕੀਮਤੀ ਸਾਮਾਨ ਰੁੜ੍ਹ ਗਿਆ ਪ੍ਰੰਤੂ ਸਰਕਾਰ ਨੇ ਹੁਣ ਤੱਕ ਮਾਲੀ ਰੂਪ ਵਿੱਚ ਕੋਈ ਮਦਦ ਨਹੀਂ ਕੀਤੀ ਸਗੋਂ ਜ਼ਖ਼ਮਾਂ 'ਤੇ ਲੂਣ ਹੀ ਭੁੱਕਿਆ ਜਾ ਰਿਹਾ ਹੈ। ਉਨ੍ਹਾਂ ਆਖਿਆ ਕਿ ਇਸ ਤ੍ਰਾਸਦਿਕ ਤੇ ਦਰਦਮਈ ਤਬਾਹੀ ਲਈ ਸਰਕਾਰ ਹੀ ਲਾਪਰਵਾਹੀ ਤੇ ਅਣਗਹਿਲੀ ਦੀ ਜ਼ਿੰਮੇਵਾਰ ਹੈ। ਟੌਹੜਾ ਨੇ ਸਾਰੇ ਗੁਰਦੁਆਰਾ ਸਾਹਿਬਾਨ ਦੇ ਮੈਨੇਜਰਾਂ ਨੂੰ ਹਦਾਇਤਾਂ ਕੀਤੀਆਂ ਕਿ ਉਹ ਹਰ ਗੁਰਦੁਆਰਾ ਸਾਹਿਬ ਰਾਹਤ ਕੈਂਪ ਲਾਉਣ ਤੇ ਦੁਖੀ ਪ੍ਰਾਣੀਆਂ ਨੂੰ ਹਰ ਸੰਭਵ ਮਦਦ ਦੇਵੇ।
